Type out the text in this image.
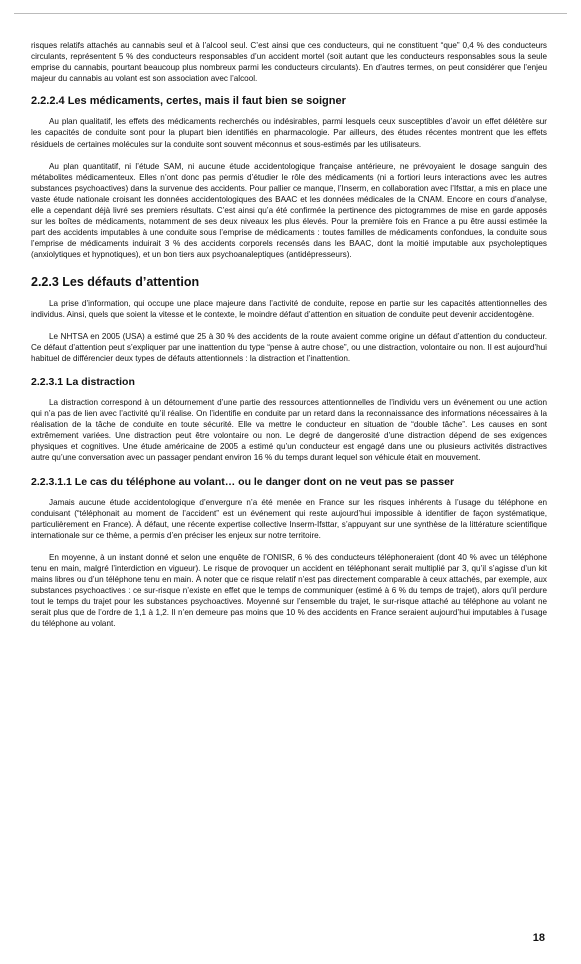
risques relatifs attachés au cannabis seul et à l’alcool seul. C’est ainsi que ces conducteurs, qui ne constituent “que” 0,4 % des conducteurs circulants, représentent 5 % des conducteurs responsables d’un accident mortel (soit autant que les conducteurs responsables sous la seule emprise du cannabis, pourtant beaucoup plus nombreux parmi les conducteurs circulants). En d’autres termes, on peut considérer que l’enjeu majeur du cannabis au volant est son association avec l’alcool.

2.2.2.4 Les médicaments, certes, mais il faut bien se soigner

Au plan qualitatif, les effets des médicaments recherchés ou indésirables, parmi lesquels ceux susceptibles d’avoir un effet délétère sur les capacités de conduite sont pour la plupart bien identifiés en pharmacologie. Par ailleurs, des études récentes montrent que les effets résiduels de certaines molécules sur la conduite sont souvent méconnus et sous-estimés par les utilisateurs.

Au plan quantitatif, ni l’étude SAM, ni aucune étude accidentologique française antérieure, ne prévoyaient le dosage sanguin des métabolites médicamenteux. Elles n’ont donc pas permis d’étudier le rôle des médicaments (ni a fortiori leurs interactions avec les autres substances psychoactives) dans la survenue des accidents. Pour pallier ce manque, l’Inserm, en collaboration avec l’Ifsttar, a mis en place une vaste étude nationale croisant les données accidentologiques des BAAC et les données médicales de la CNAM. Encore en cours d’analyse, elle a cependant déjà livré ses premiers résultats. C’est ainsi qu’a été confirmée la pertinence des pictogrammes de mise en garde apposés sur les boîtes de médicaments, notamment de ses deux niveaux les plus élevés. Pour la première fois en France a pu être aussi estimée la part des accidents imputables à une conduite sous l’emprise de médicaments : toutes familles de médicaments confondues, la conduite sous l’emprise de médicaments induirait 3 % des accidents corporels recensés dans les BAAC, dont la moitié imputable aux psycholeptiques (anxiolytiques et hypnotiques), et un bon tiers aux psychoanaleptiques (antidépresseurs).

2.2.3 Les défauts d’attention

La prise d’information, qui occupe une place majeure dans l’activité de conduite, repose en partie sur les capacités attentionnelles des individus. Ainsi, quels que soient la vitesse et le contexte, le moindre défaut d’attention en situation de conduite peut devenir accidentogène.

Le NHTSA en 2005 (USA) a estimé que 25 à 30 % des accidents de la route avaient comme origine un défaut d’attention du conducteur. Ce défaut d’attention peut s’expliquer par une inattention du type “pense à autre chose”, ou une distraction, volontaire ou non. Il est aujourd’hui habituel de différencier deux types de défauts attentionnels : la distraction et l’inattention.

2.2.3.1 La distraction

La distraction correspond à un détournement d’une partie des ressources attentionnelles de l’individu vers un événement ou une action qui n’a pas de lien avec l’activité qu’il réalise. On l’identifie en conduite par un retard dans la reconnaissance des informations nécessaires à la réalisation de la tâche de conduite en toute sécurité. Elle va mettre le conducteur en situation de “double tâche”. Les causes en sont extrêmement variées. Une distraction peut être volontaire ou non. Le degré de dangerosité d’une distraction dépend de ses exigences physiques et cognitives. Une étude américaine de 2005 a estimé qu’un conducteur est engagé dans une ou plusieurs activités distractives autre qu’une conversation avec un passager pendant environ 16 % du temps durant lequel son véhicule était en mouvement.

2.2.3.1.1 Le cas du téléphone au volant… ou le danger dont on ne veut pas se passer

Jamais aucune étude accidentologique d’envergure n’a été menée en France sur les risques inhérents à l’usage du téléphone en conduisant (“téléphonait au moment de l’accident” est un événement qui reste aujourd’hui impossible à identifier de façon systématique, particulièrement en France). À défaut, une récente expertise collective Inserm-Ifsttar, s’appuyant sur une synthèse de la littérature scientifique internationale sur ce thème, a permis d’en préciser les enjeux sur notre territoire.

En moyenne, à un instant donné et selon une enquête de l’ONISR, 6 % des conducteurs téléphoneraient (dont 40 % avec un téléphone tenu en main, malgré l’interdiction en vigueur). Le risque de provoquer un accident en téléphonant serait multiplié par 3, qu’il s’agisse d’un kit mains libres ou d’un téléphone tenu en main. À noter que ce risque relatif n’est pas directement comparable à ceux attachés, par exemple, aux substances psychoactives : ce sur-risque n’existe en effet que le temps de communiquer (estimé à 6 % du temps de trajet), alors qu’il perdure tout le temps du trajet pour les substances psychoactives. Moyenné sur l’ensemble du trajet, le sur-risque attaché au téléphone au volant ne serait plus que de l’ordre de 1,1 à 1,2. Il n’en demeure pas moins que 10 % des accidents en France seraient aujourd’hui imputables à l’usage du téléphone au volant.

18
